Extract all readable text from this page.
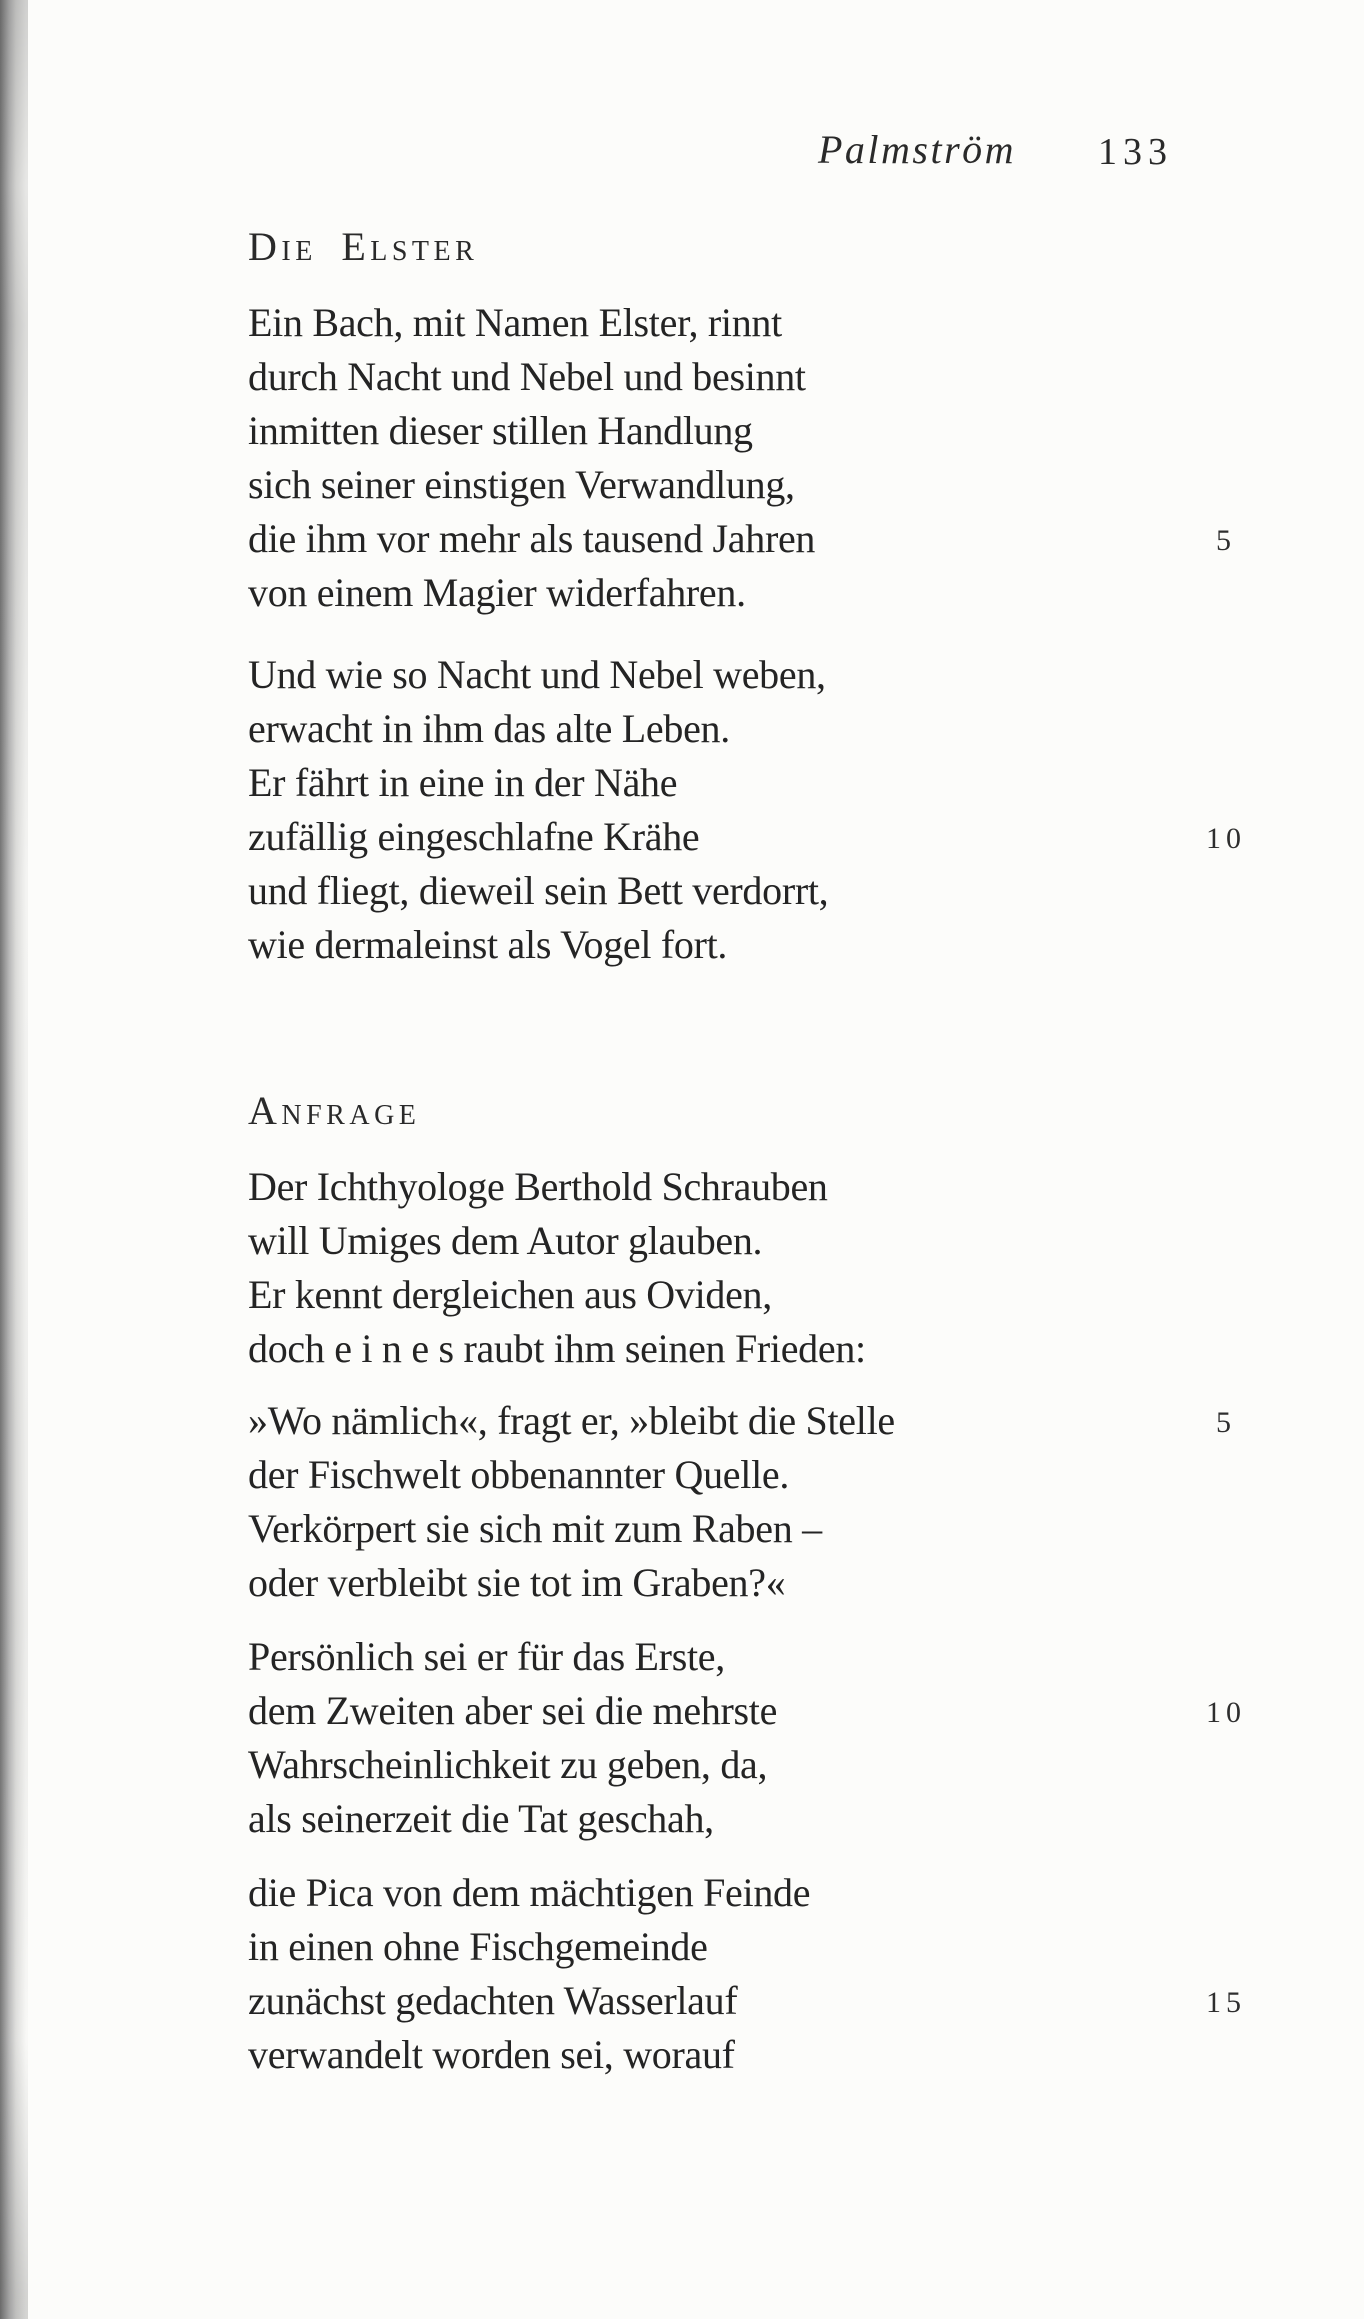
Palmström 133
Die Elster
Ein Bach, mit Namen Elster, rinnt
durch Nacht und Nebel und besinnt
inmitten dieser stillen Handlung
sich seiner einstigen Verwandlung,
die ihm vor mehr als tausend Jahren	5
von einem Magier widerfahren.
Und wie so Nacht und Nebel weben,
erwacht in ihm das alte Leben.
Er fährt in eine in der Nähe
zufällig eingeschlafne Krähe	10
und fliegt, dieweil sein Bett verdorrt,
wie dermaleinst als Vogel fort.
Anfrage
Der Ichthyologe Berthold Schrauben
will Umiges dem Autor glauben.
Er kennt dergleichen aus Oviden,
doch e i n e s raubt ihm seinen Frieden:
»Wo nämlich«, fragt er, »bleibt die Stelle	5
der Fischwelt obbenannter Quelle.
Verkörpert sie sich mit zum Raben –
oder verbleibt sie tot im Graben?«
Persönlich sei er für das Erste,
dem Zweiten aber sei die mehrste	10
Wahrscheinlichkeit zu geben, da,
als seinerzeit die Tat geschah,
die Pica von dem mächtigen Feinde
in einen ohne Fischgemeinde
zunächst gedachten Wasserlauf	15
verwandelt worden sei, worauf
